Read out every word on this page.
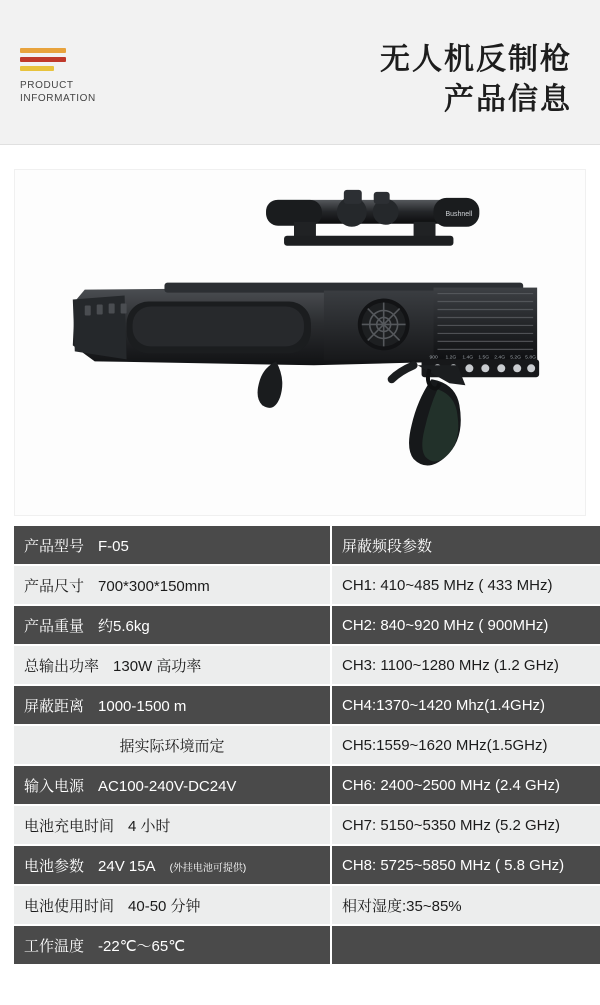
PRODUCT
INFORMATION
无人机反制枪
产品信息
900 1.2G 1.4G 1.5G 2.4G 5.2G 5.8G
Bushnell
产品型号 F-05	屏蔽频段参数

产品尺寸 700*300*150mm	CH1: 410~485 MHz ( 433 MHz)

产品重量 约5.6kg	CH2: 840~920 MHz ( 900MHz)

总输出功率 130W 高功率	CH3: 1100~1280 MHz (1.2 GHz)

屏蔽距离 1000-1500 m	CH4:1370~1420 Mhz(1.4GHz)
据实际环境而定	CH5:1559~1620 MHz(1.5GHz)

输入电源 AC100-240V-DC24V	CH6: 2400~2500 MHz (2.4 GHz)

电池充电时间 4 小时	CH7: 5150~5350 MHz (5.2 GHz)

电池参数 24V 15A (外挂电池可提供)	CH8: 5725~5850 MHz ( 5.8 GHz)

电池使用时间 40-50 分钟	相对湿度:35~85%

工作温度 -22℃～65℃	
